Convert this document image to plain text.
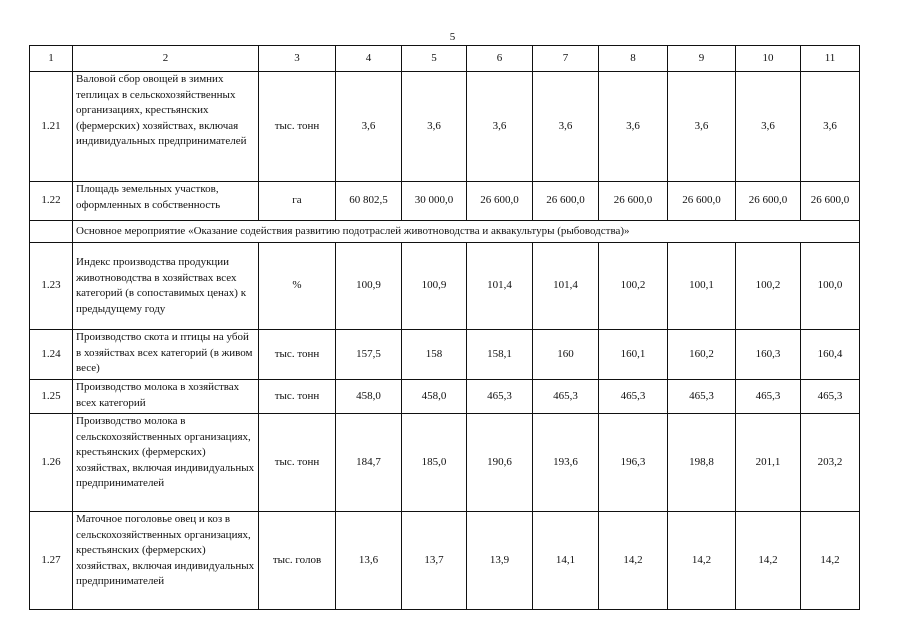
5
1	2	3	4	5	6	7	8	9	10	11
1.21	Валовой сбор овощей в зимних теплицах в сельскохозяйственных организациях, крестьянских (фермерских) хозяйствах, включая индивидуальных предпринимателей	тыс. тонн	3,6	3,6	3,6	3,6	3,6	3,6	3,6	3,6
1.22	Площадь земельных участков, оформленных в собственность	га	60 802,5	30 000,0	26 600,0	26 600,0	26 600,0	26 600,0	26 600,0	26 600,0
	Основное мероприятие «Оказание содействия развитию подотраслей животноводства и аквакультуры (рыбоводства)»									
1.23	Индекс производства продукции животноводства в хозяйствах всех категорий (в сопоставимых ценах) к предыдущему году	%	100,9	100,9	101,4	101,4	100,2	100,1	100,2	100,0
1.24	Производство скота и птицы на убой в хозяйствах всех категорий (в живом весе)	тыс. тонн	157,5	158	158,1	160	160,1	160,2	160,3	160,4
1.25	Производство молока в хозяйствах всех категорий	тыс. тонн	458,0	458,0	465,3	465,3	465,3	465,3	465,3	465,3
1.26	Производство молока в сельскохозяйственных организациях, крестьянских (фермерских) хозяйствах, включая индивидуальных предпринимателей	тыс. тонн	184,7	185,0	190,6	193,6	196,3	198,8	201,1	203,2
1.27	Маточное поголовье овец и коз в сельскохозяйственных организациях, крестьянских (фермерских) хозяйствах, включая индивидуальных предпринимателей	тыс. голов	13,6	13,7	13,9	14,1	14,2	14,2	14,2	14,2
